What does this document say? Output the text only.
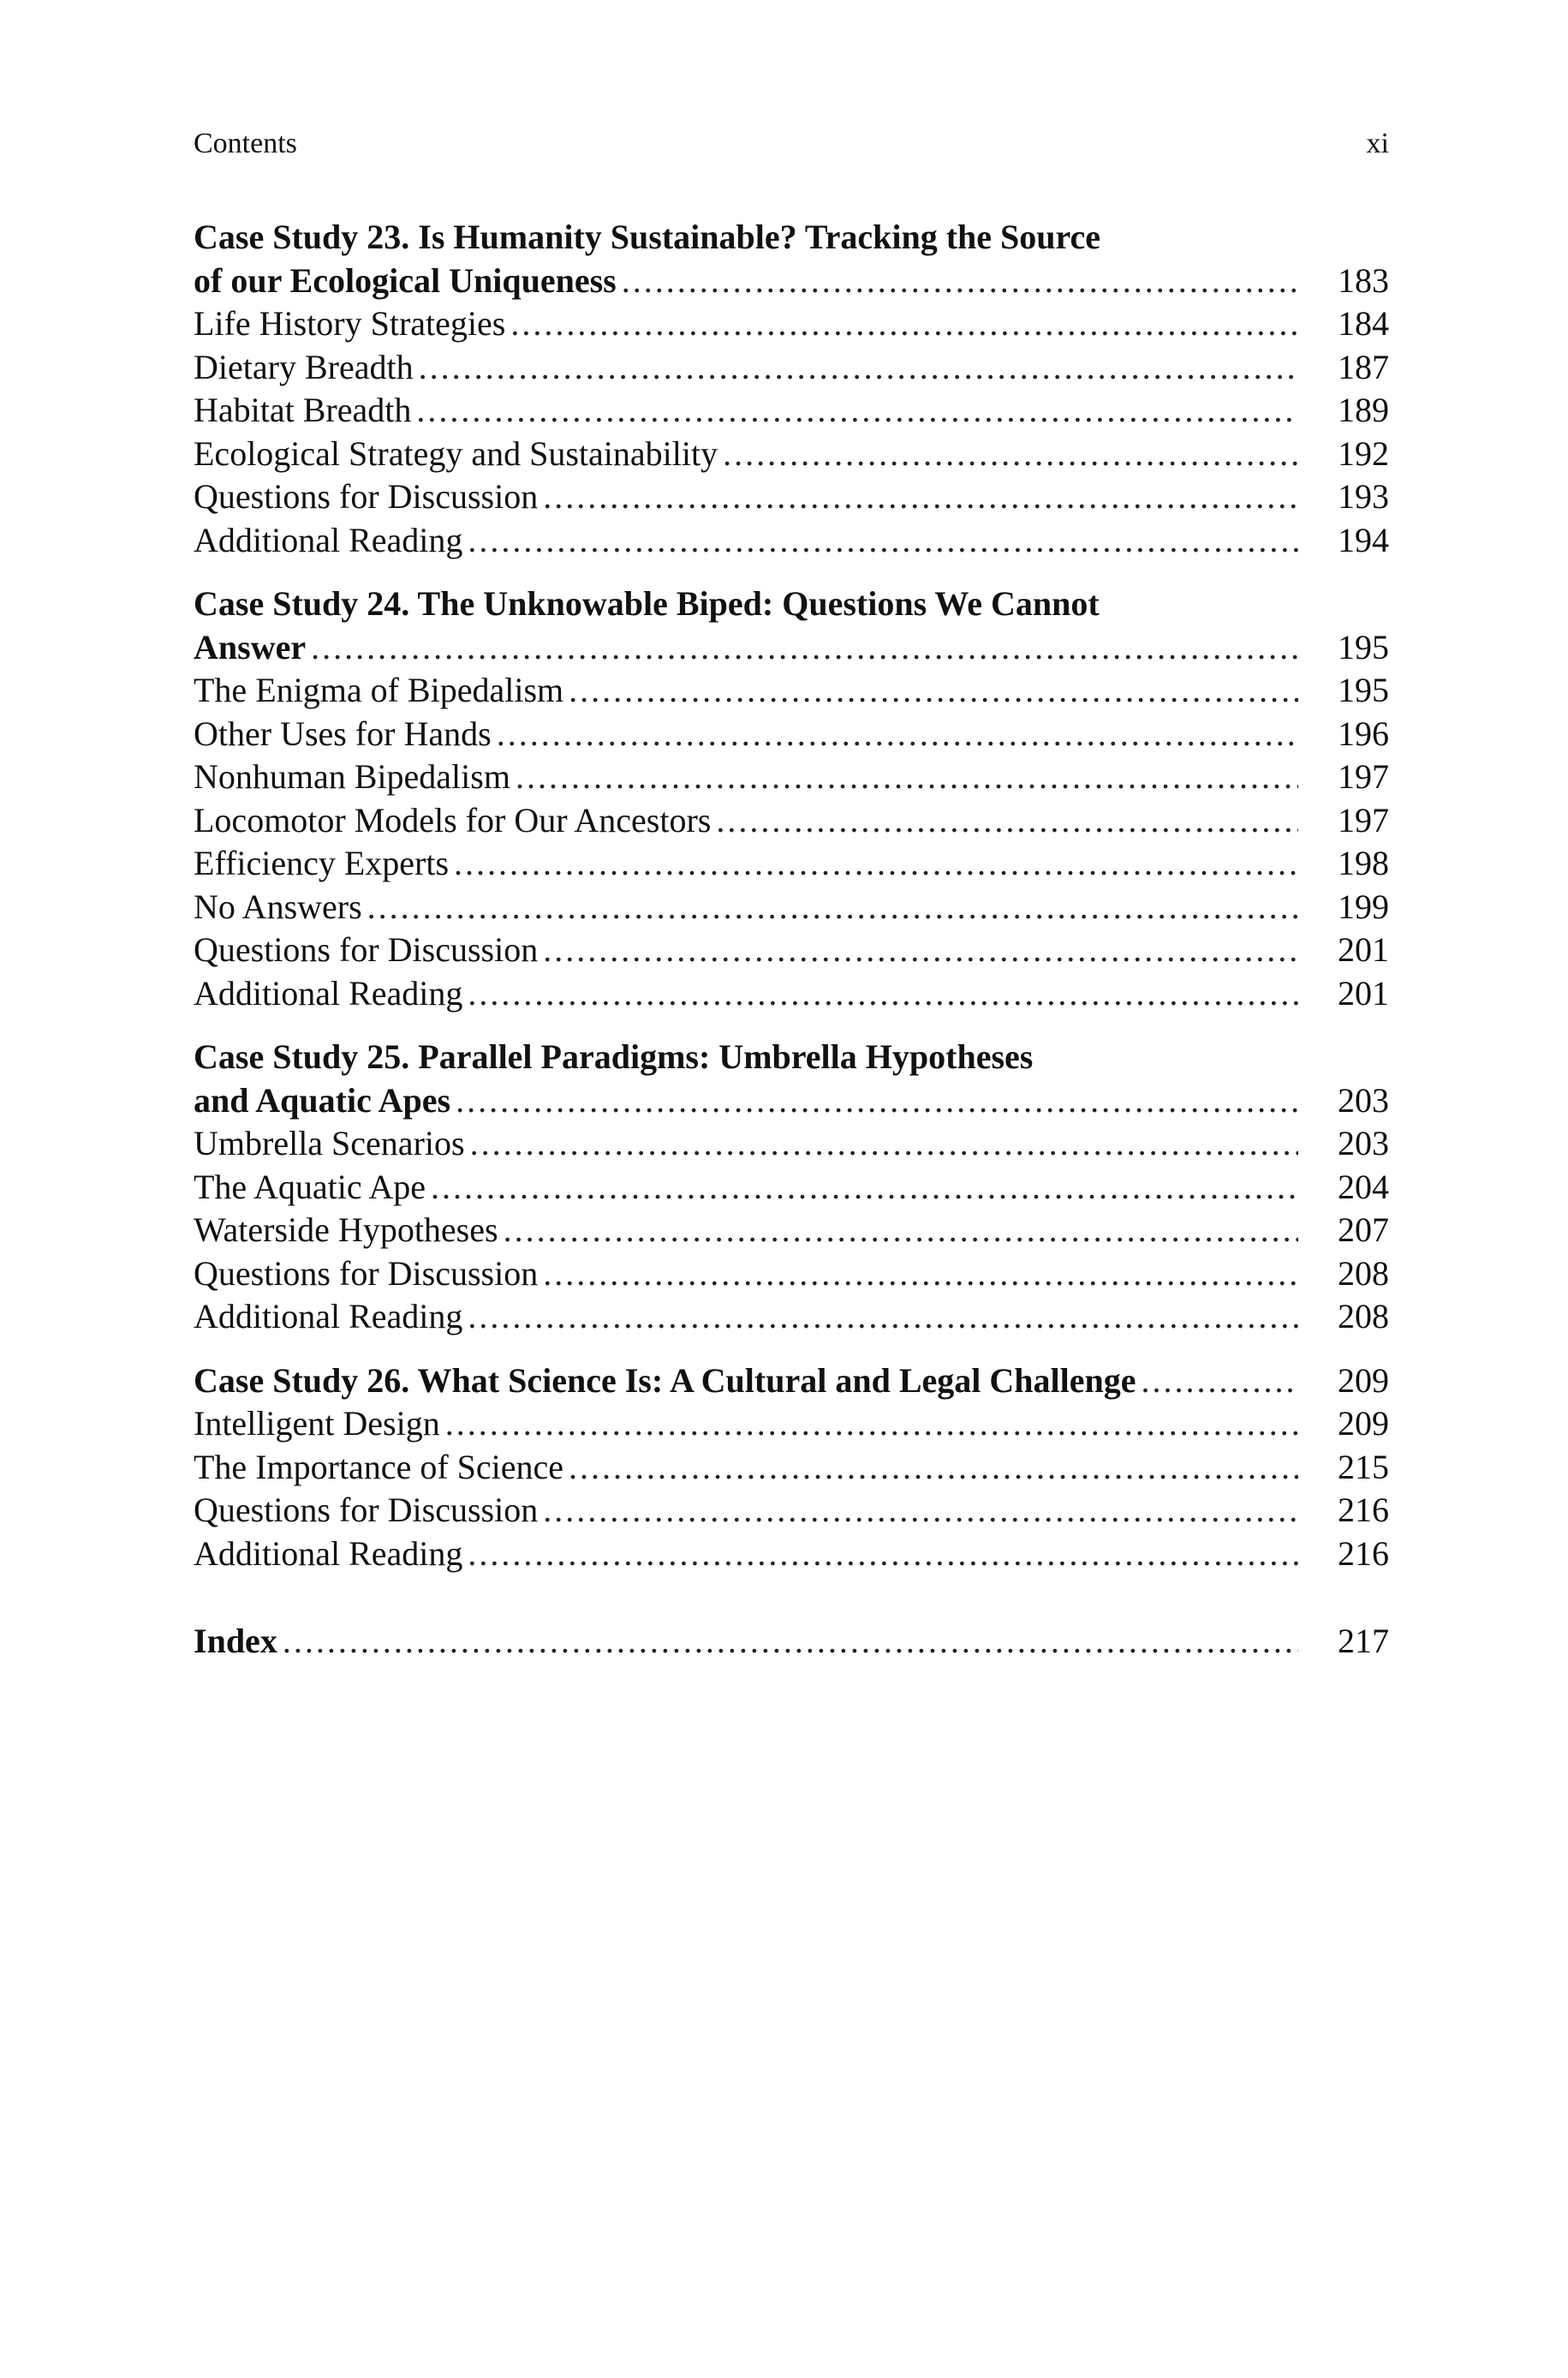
Contents	xi
Case Study 23. Is Humanity Sustainable? Tracking the Source
of our Ecological Uniqueness .....	183
Life History Strategies .....	184
Dietary Breadth .....	187
Habitat Breadth .....	189
Ecological Strategy and Sustainability .....	192
Questions for Discussion .....	193
Additional Reading .....	194
Case Study 24. The Unknowable Biped: Questions We Cannot
Answer .....	195
The Enigma of Bipedalism .....	195
Other Uses for Hands .....	196
Nonhuman Bipedalism .....	197
Locomotor Models for Our Ancestors .....	197
Efficiency Experts .....	198
No Answers .....	199
Questions for Discussion .....	201
Additional Reading .....	201
Case Study 25. Parallel Paradigms: Umbrella Hypotheses
and Aquatic Apes .....	203
Umbrella Scenarios .....	203
The Aquatic Ape .....	204
Waterside Hypotheses .....	207
Questions for Discussion .....	208
Additional Reading .....	208
Case Study 26. What Science Is: A Cultural and Legal Challenge .....	209
Intelligent Design .....	209
The Importance of Science .....	215
Questions for Discussion .....	216
Additional Reading .....	216
Index .....	217
